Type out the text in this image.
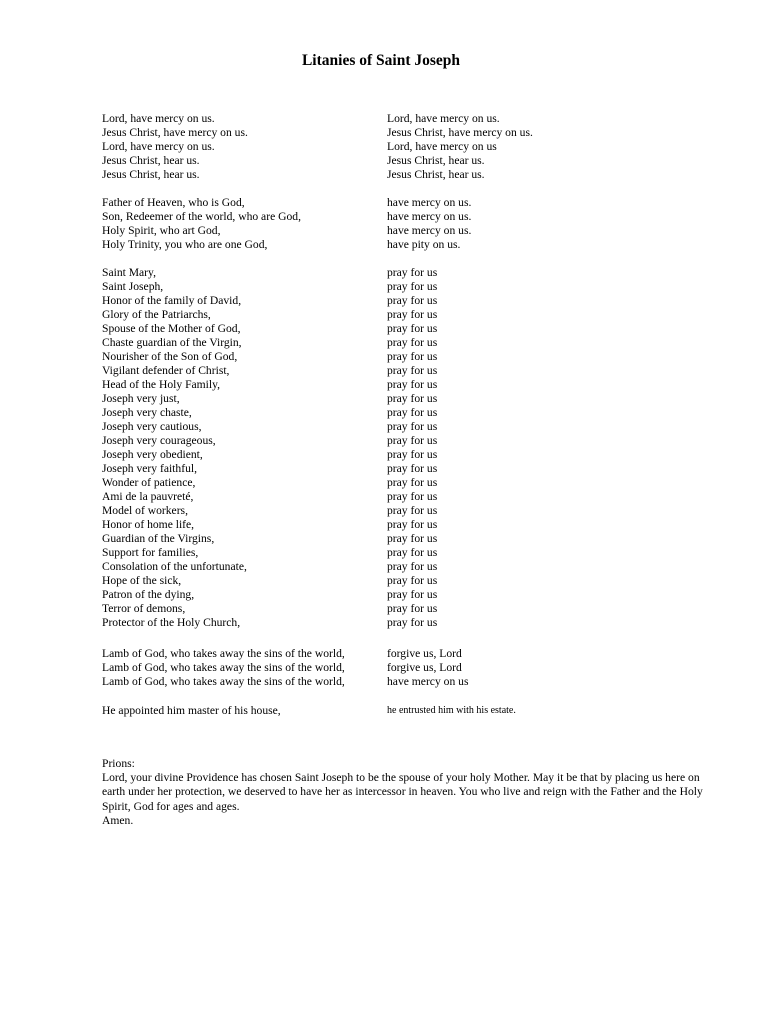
Litanies of Saint Joseph
Lord, have mercy on us.	Lord, have mercy on us.
Jesus Christ, have mercy on us.	Jesus Christ, have mercy on us.
Lord, have mercy on us.	Lord, have mercy on us
Jesus Christ, hear us.	Jesus Christ, hear us.
Jesus Christ, hear us.	Jesus Christ, hear us.
Father of Heaven, who is God,	have mercy on us.
Son, Redeemer of the world, who are God,	have mercy on us.
Holy Spirit, who art God,	have mercy on us.
Holy Trinity, you who are one God,	have pity on us.
Saint Mary,	pray for us
Saint Joseph,	pray for us
Honor of the family of David,	pray for us
Glory of the Patriarchs,	pray for us
Spouse of the Mother of God,	pray for us
Chaste guardian of the Virgin,	pray for us
Nourisher of the Son of God,	pray for us
Vigilant defender of Christ,	pray for us
Head of the Holy Family,	pray for us
Joseph very just,	pray for us
Joseph very chaste,	pray for us
Joseph very cautious,	pray for us
Joseph very courageous,	pray for us
Joseph very obedient,	pray for us
Joseph very faithful,	pray for us
Wonder of patience,	pray for us
Ami de la pauvreté,	pray for us
Model of workers,	pray for us
Honor of home life,	pray for us
Guardian of the Virgins,	pray for us
Support for families,	pray for us
Consolation of the unfortunate,	pray for us
Hope of the sick,	pray for us
Patron of the dying,	pray for us
Terror of demons,	pray for us
Protector of the Holy Church,	pray for us
Lamb of God, who takes away the sins of the world,	forgive us, Lord
Lamb of God, who takes away the sins of the world,	forgive us, Lord
Lamb of God, who takes away the sins of the world,	have mercy on us
He appointed him master of his house,	he entrusted him with his estate.

Prions:

Lord, your divine Providence has chosen Saint Joseph to be the spouse of your holy Mother. May it be that by placing us here on earth under her protection, we deserved to have her as intercessor in heaven. You who live and reign with the Father and the Holy Spirit, God for ages and ages.

Amen.
